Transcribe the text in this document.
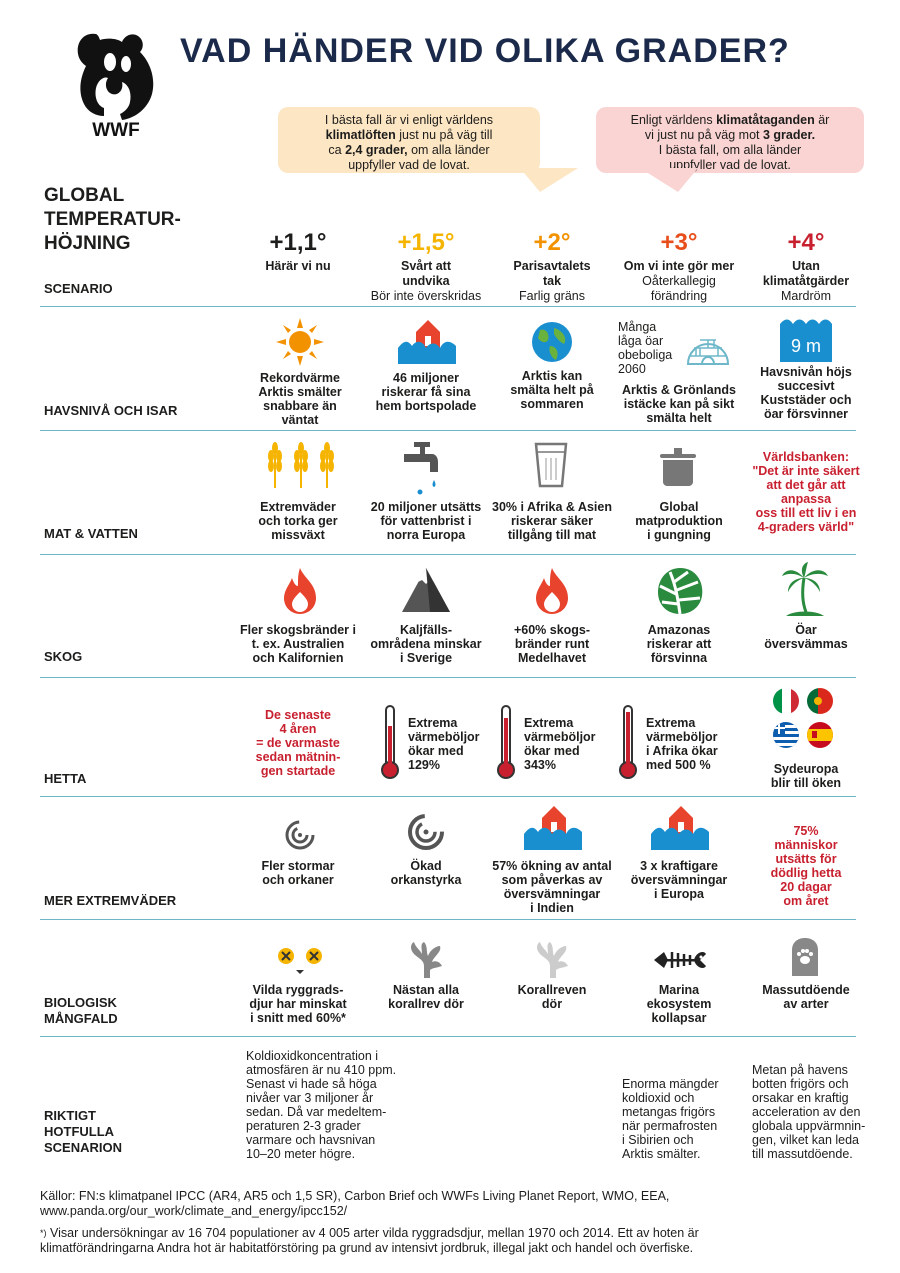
WWF
VAD HÄNDER VID OLIKA GRADER?
I bästa fall är vi enligt världens
klimatlöften just nu på väg till
ca 2,4 grader, om alla länder
uppfyller vad de lovat.
Enligt världens klimatåtaganden är
vi just nu på väg mot 3 grader.
I bästa fall, om alla länder
uppfyller vad de lovat.
GLOBAL
TEMPERATUR-
HÖJNING
SCENARIO
+1,1°
Härär vi nu
+1,5°
Svårt att
undvika
Bör inte överskridas
+2°
Parisavtalets
tak
Farlig gräns
+3°
Om vi inte gör mer
Oåterkallegig
förändring
+4°
Utan
klimatåtgärder
Mardröm
HAVSNIVÅ OCH ISAR
Rekordvärme
Arktis smälter
snabbare än
väntat
46 miljoner
riskerar få sina
hem bortspolade
Arktis kan
smälta helt på
sommaren
Många
låga öar
obeboliga
2060
Arktis & Grönlands
istäcke kan på sikt
smälta helt
9 m
Havsnivån höjs
succesivt
Kuststäder och
öar försvinner
MAT & VATTEN
Extremväder
och torka ger
missväxt
20 miljoner utsätts
för vattenbrist i
norra Europa
30% i Afrika & Asien
riskerar säker
tillgång till mat
Global
matproduktion
i gungning
Världsbanken:
"Det är inte säkert
att det går att
anpassa
oss till ett liv i en
4-graders värld"
SKOG
Fler skogsbränder i
t. ex. Australien
och Kalifornien
Kaljfälls-
områdena minskar
i Sverige
+60% skogs-
bränder runt
Medelhavet
Amazonas
riskerar att
försvinna
Öar
översvämmas
HETTA
De senaste
4 åren
= de varmaste
sedan mätnin-
gen startade
Extrema
värmeböljor
ökar med
129%
Extrema
värmeböljor
ökar med
343%
Extrema
värmeböljor
i Afrika ökar
med 500 %	Sydeuropa
blir till öken
MER EXTREMVÄDER
Fler stormar
och orkaner
Ökad
orkanstyrka
57% ökning av antal
som påverkas av
översvämningar
i Indien
3 x kraftigare
översvämningar
i Europa
75%
människor
utsätts för
dödlig hetta
20 dagar
om året
BIOLOGISK
MÅNGFALD
Vilda ryggrads-
djur har minskat
i snitt med 60%*
Nästan alla
korallrev dör
Korallreven
dör
Marina
ekosystem
kollapsar
Massutdöende
av arter
RIKTIGT
HOTFULLA
SCENARION
Koldioxidkoncentration i
atmosfären är nu 410 ppm.
Senast vi hade så höga
nivåer var 3 miljoner år
sedan. Då var medeltem-
peraturen 2-3 grader
varmare och havsnivan
10–20 meter högre.
Enorma mängder
koldioxid och
metangas frigörs
när permafrosten
i Sibirien och
Arktis smälter.
Metan på havens
botten frigörs och
orsakar en kraftig
acceleration av den
globala uppvärmnin-
gen, vilket kan leda
till massutdöende.
Källor: FN:s klimatpanel IPCC (AR4, AR5 och 1,5 SR), Carbon Brief och WWFs Living Planet Report, WMO, EEA,
www.panda.org/our_work/climate_and_energy/ipcc152/
*) Visar undersökningar av 16 704 populationer av 4 005 arter vilda ryggradsdjur, mellan 1970 och 2014. Ett av hoten är
klimatförändringarna Andra hot är habitatförstöring pa grund av intensivt jordbruk, illegal jakt och handel och överfiske.
